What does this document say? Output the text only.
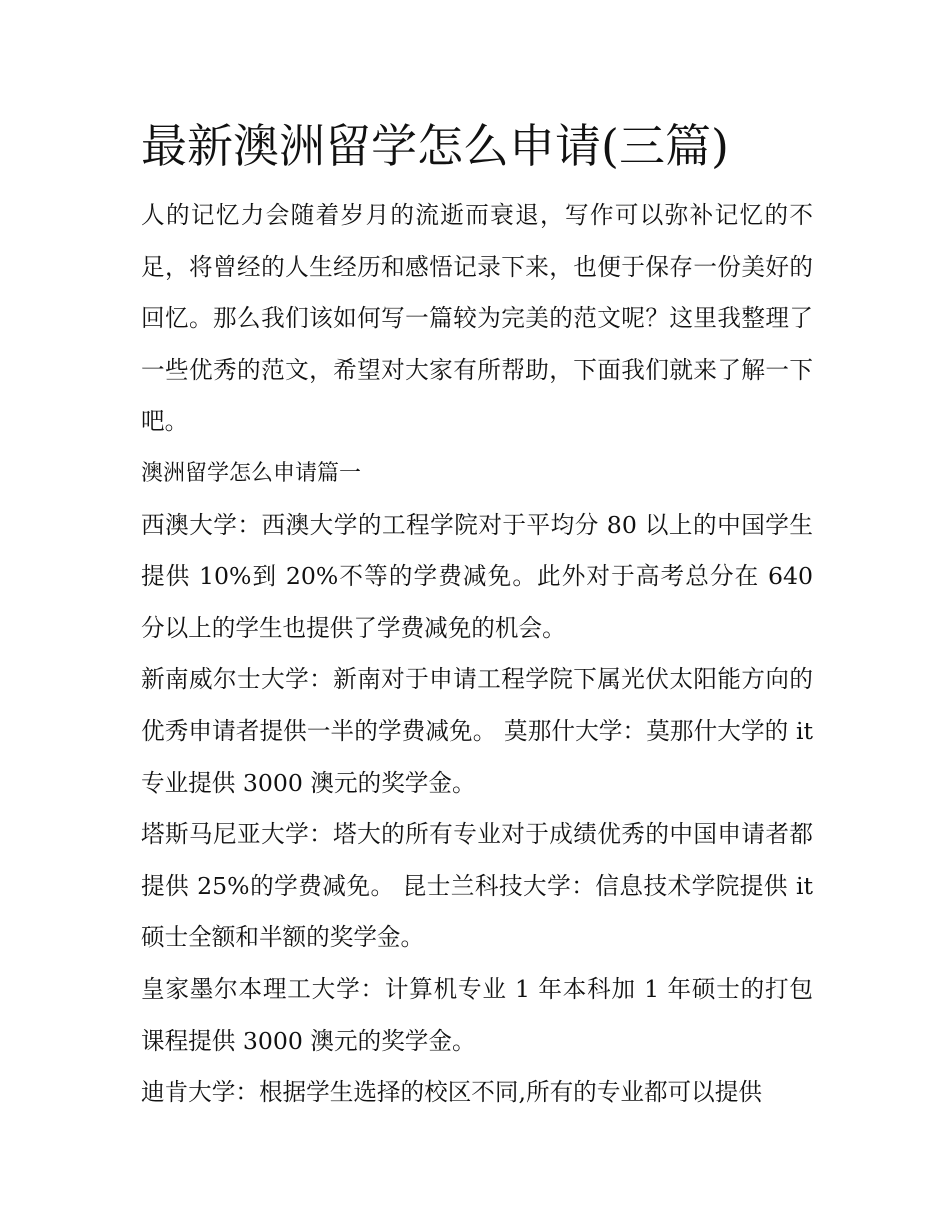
最新澳洲留学怎么申请(三篇)

人的记忆力会随着岁月的流逝而衰退，写作可以弥补记忆的不足，将曾经的人生经历和感悟记录下来，也便于保存一份美好的回忆。那么我们该如何写一篇较为完美的范文呢？这里我整理了一些优秀的范文，希望对大家有所帮助，下面我们就来了解一下吧。

澳洲留学怎么申请篇一

西澳大学：西澳大学的工程学院对于平均分 80 以上的中国学生提供 10%到 20%不等的学费减免。此外对于高考总分在 640 分以上的学生也提供了学费减免的机会。

新南威尔士大学：新南对于申请工程学院下属光伏太阳能方向的优秀申请者提供一半的学费减免。 莫那什大学：莫那什大学的 it 专业提供 3000 澳元的奖学金。

塔斯马尼亚大学：塔大的所有专业对于成绩优秀的中国申请者都提供 25%的学费减免。 昆士兰科技大学：信息技术学院提供 it 硕士全额和半额的奖学金。

皇家墨尔本理工大学：计算机专业 1 年本科加 1 年硕士的打包课程提供 3000 澳元的奖学金。

迪肯大学：根据学生选择的校区不同,所有的专业都可以提供
